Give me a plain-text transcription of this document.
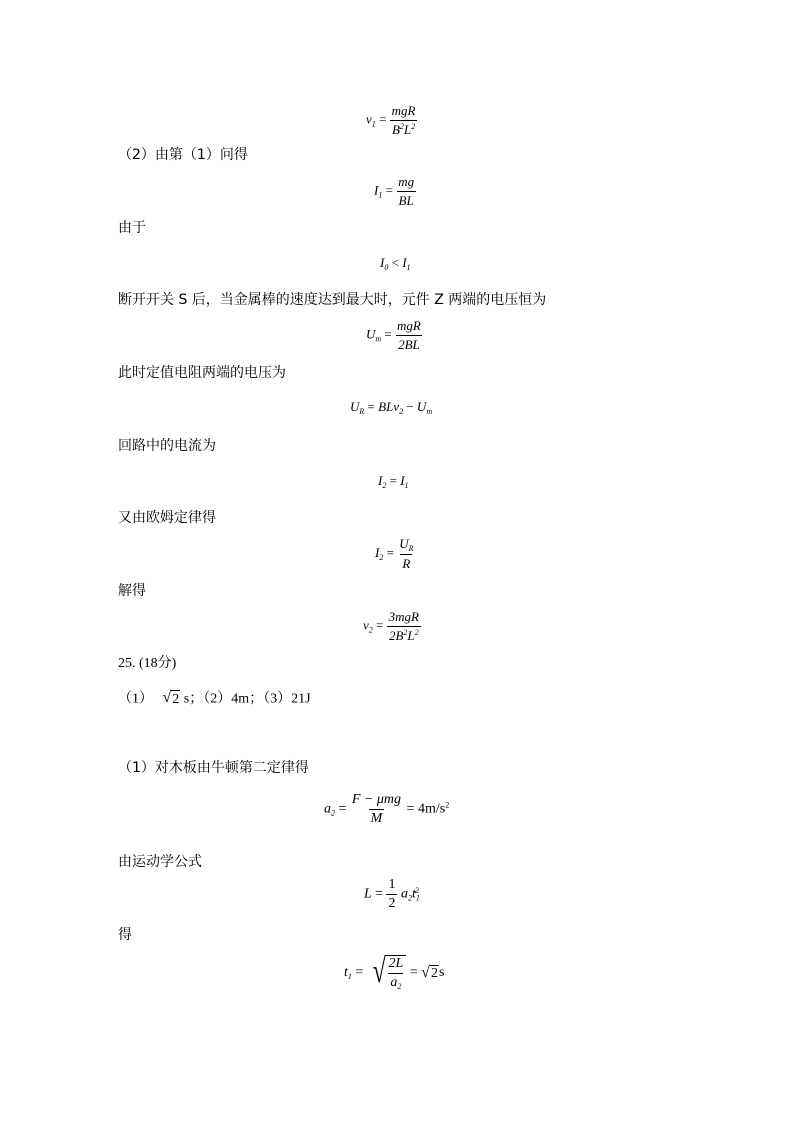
$v_1 = \frac{\text{mgR}}{B^2L^2}$
（2）由第（1）问得
$I_1 = \frac{mg}{BL}$
由于
$I_0 < I_1$
断开开关 S 后，当金属棒的速度达到最大时，元件 Z 两端的电压恒为
$U_m = \frac{\text{mgR}}{2BL}$
此时定值电阻两端的电压为
$U_R = BLv_2 - U_m$
回路中的电流为
$I_2 = I_1$
又由欧姆定律得
$I_2 = \frac{U_R}{R}$
解得
$v_2 = \frac{\text{3mgR}}{2B^2L^2}$
25. (18分)
（1） √ 2 s；（2）4m；（3）21J
（1）对木板由牛顿第二定律得
$a_2 = \frac{\text{F − μmg}}{M} = 4m/s^2$
由运动学公式
$L = \frac{1}{2} a_2t_1^2$
得
$t_1$ = √ $\frac{2L}{a_2}$ = √ 2 s
